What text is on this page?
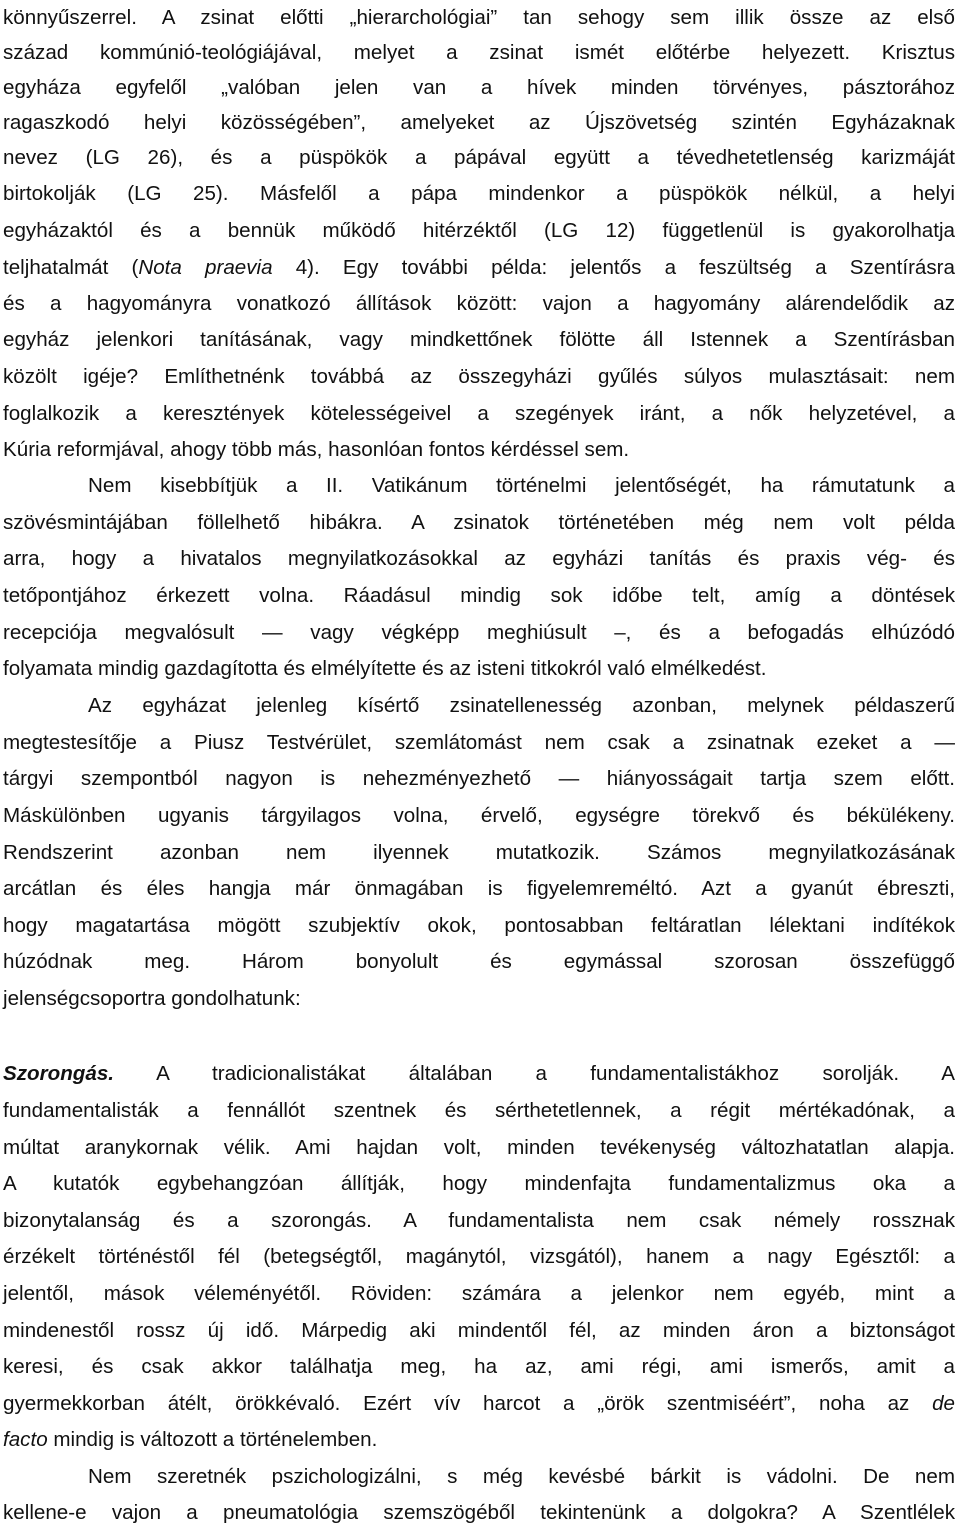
könnyűszerrel. A zsinat előtti „hierarchológiai” tan sehogy sem illik össze az első
század kommúnió-teológiájával, melyet a zsinat ismét előtérbe helyezett. Krisztus
egyháza egyfelől „valóban jelen van a hívek minden törvényes, pásztorához
ragaszkodó helyi közösségében”, amelyeket az Újszövetség szintén Egyházaknak
nevez (LG 26), és a püspökök a pápával együtt a tévedhetetlenség karizmáját
birtokolják (LG 25). Másfelől a pápa mindenkor a püspökök nélkül, a helyi
egyházaktól és a bennük működő hitérzéktől (LG 12) függetlenül is gyakorolhatja
teljhatalmát (Nota praevia 4). Egy további példa: jelentős a feszültség a Szentírásra
és a hagyományra vonatkozó állítások között: vajon a hagyomány alárendelődik az
egyház jelenkori tanításának, vagy mindkettőnek fölötte áll Istennek a Szentírásban
közölt igéje? Említhetnénk továbbá az összegyházi gyűlés súlyos mulasztásait: nem
foglalkozik a keresztények kötelességeivel a szegények iránt, a nők helyzetével, a
Kúria reformjával, ahogy több más, hasonlóan fontos kérdéssel sem.
Nem kisebbítjük a II. Vatikánum történelmi jelentőségét, ha rámutatunk a
szövésmintájában föllelhető hibákra. A zsinatok történetében még nem volt példa
arra, hogy a hivatalos megnyilatkozásokkal az egyházi tanítás és praxis vég- és
tetőpontjához érkezett volna. Ráadásul mindig sok időbe telt, amíg a döntések
recepciója megvalósult — vagy végképp meghiúsult –, és a befogadás elhúzódó
folyamata mindig gazdagította és elmélyítette és az isteni titkokról való elmélkedést.
Az egyházat jelenleg kísértő zsinatellenesség azonban, melynek példaszerű
megtestesítője a Piusz Testvérület, szemlátomást nem csak a zsinatnak ezeket a —
tárgyi szempontból nagyon is nehezményezhető — hiányosságait tartja szem előtt.
Máskülönben ugyanis tárgyilagos volna, érvelő, egységre törekvő és békülékeny.
Rendszerint azonban nem ilyennek mutatkozik. Számos megnyilatkozásának
arcátlan és éles hangja már önmagában is figyelemreméltó. Azt a gyanút ébreszti,
hogy magatartása mögött szubjektív okok, pontosabban feltáratlan lélektani indítékok
húzódnak meg. Három bonyolult és egymással szorosan összefüggő
jelenségcsoportra gondolhatunk:
Szorongás. A tradicionalistákat általában a fundamentalistákhoz sorolják. A
fundamentalisták a fennállót szentnek és sérthetetlennek, a régit mértékadónak, a
múltat aranykornak vélik. Ami hajdan volt, minden tevékenység változhatatlan alapja.
A kutatók egybehangzóan állítják, hogy mindenfajta fundamentalizmus oka a
bizonytalanság és a szorongás. A fundamentalista nem csak némely rosszнak
érzékelt történéstől fél (betegségtől, magánytól, vizsgától), hanem a nagy Egésztől: a
jelentől, mások véleményétől. Röviden: számára a jelenkor nem egyéb, mint a
mindenestől rossz új idő. Márpedig aki mindentől fél, az minden áron a biztonságot
keresi, és csak akkor találhatja meg, ha az, ami régi, ami ismerős, amit a
gyermekkorban átélt, örökkévaló. Ezért vív harcot a „örök szentmiséért”, noha az de
facto mindig is változott a történelemben.
Nem szeretnék pszichologizálni, s még kevésbé bárkit is vádolni. De nem
kellene-e vajon a pneumatológia szemszögéből tekintenünk a dolgokra? A Szentlélek
